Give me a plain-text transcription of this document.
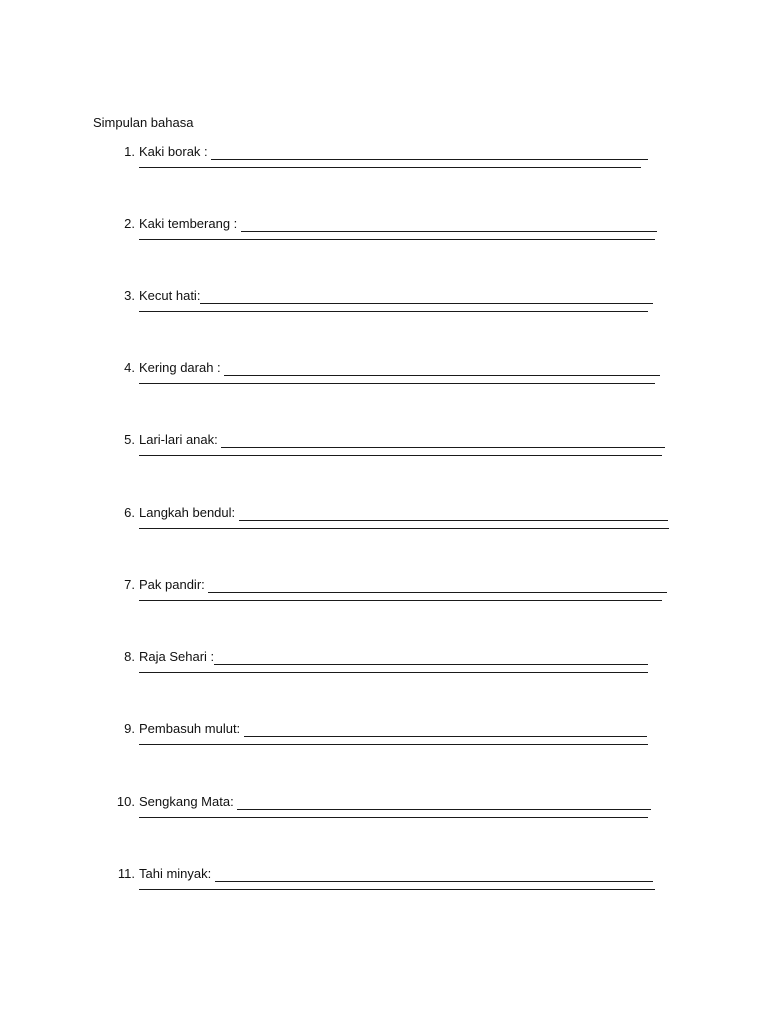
Simpulan bahasa
1. Kaki borak :
2. Kaki temberang :
3. Kecut hati:
4. Kering darah :
5. Lari-lari anak:
6. Langkah bendul:
7. Pak pandir:
8. Raja Sehari :
9. Pembasuh mulut:
10. Sengkang Mata:
11. Tahi minyak:
